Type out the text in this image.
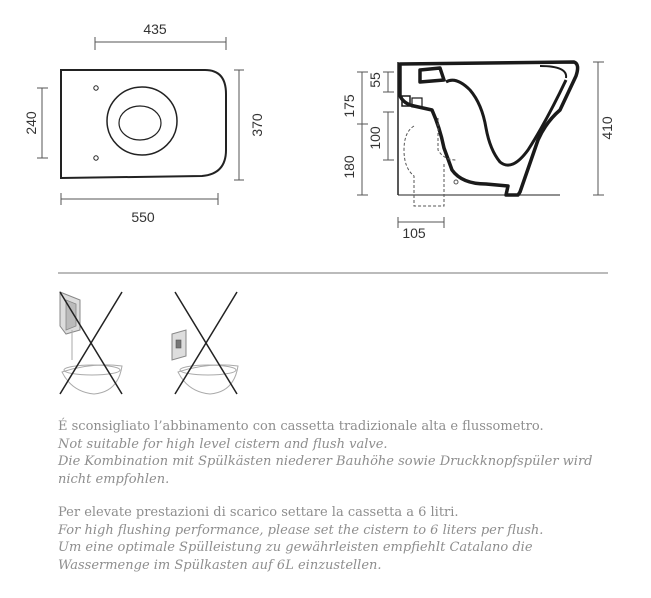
435
240	370
550
55
175
100
180
410
105

É sconsigliato l’abbinamento con cassetta tradizionale alta e flussometro.

Not suitable for high level cistern and flush valve.

Die Kombination mit Spülkästen niederer Bauhöhe sowie Druckknopfspüler wird

nicht empfohlen.

Per elevate prestazioni di scarico settare la cassetta a 6 litri.

For high flushing performance, please set the cistern to 6 liters per flush.

Um eine optimale Spülleistung zu gewährleisten empfiehlt Catalano die

Wassermenge im Spülkasten auf 6L einzustellen.
